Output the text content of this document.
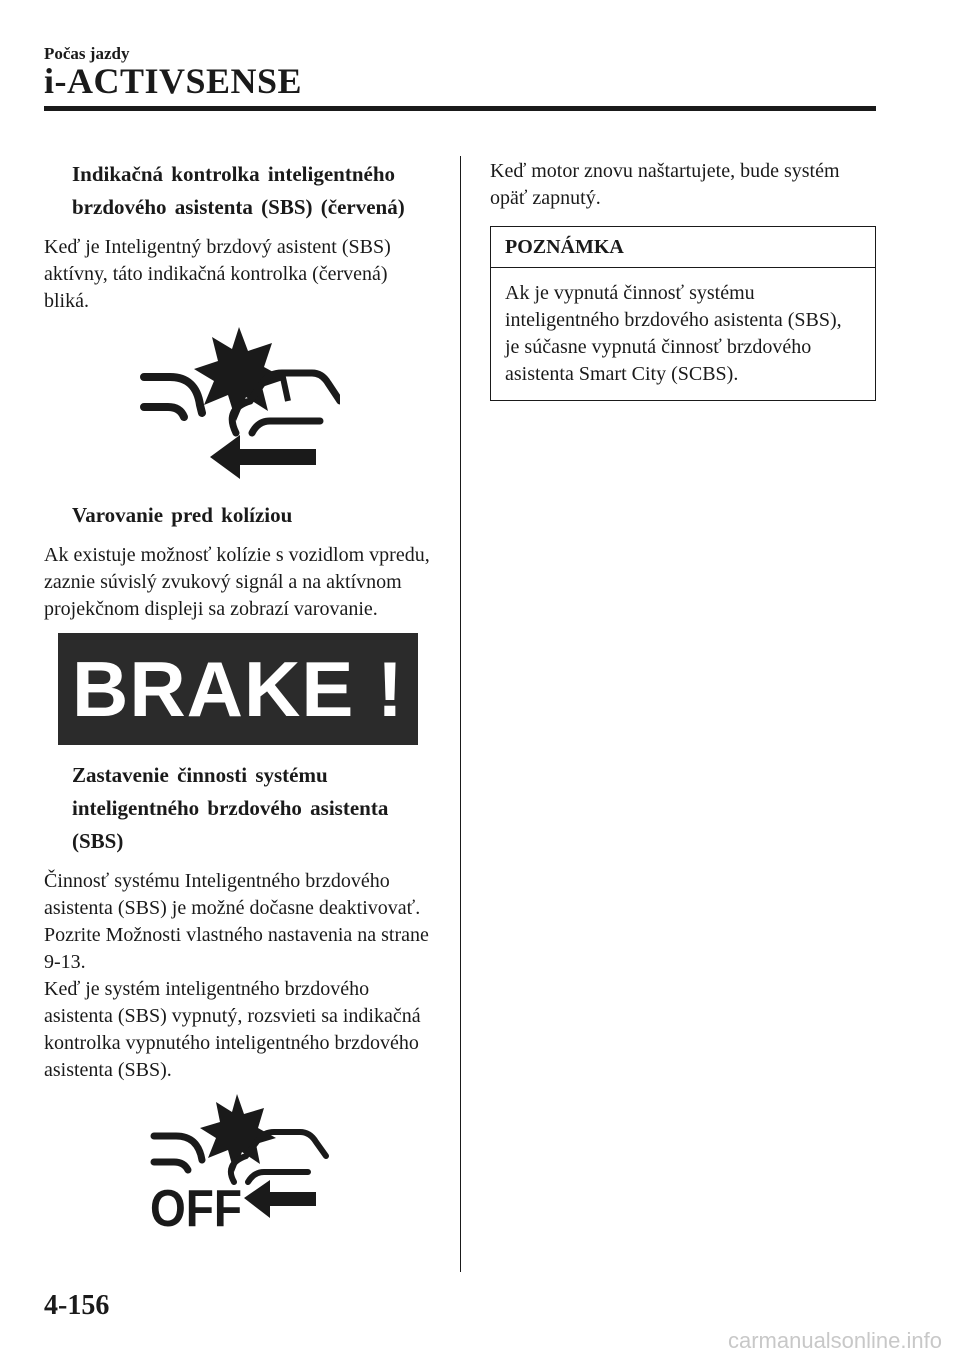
Počas jazdy
i-ACTIVSENSE
Indikačná kontrolka inteligentného
brzdového asistenta (SBS) (červená)

Keď je Inteligentný brzdový asistent (SBS) aktívny, táto indikačná kontrolka (červená) bliká.

Varovanie pred kolíziou

Ak existuje možnosť kolízie s vozidlom vpredu, zaznie súvislý zvukový signál a na aktívnom projekčnom displeji sa zobrazí varovanie.

BRAKE !
Zastavenie činnosti systému
inteligentného brzdového asistenta
(SBS)
Činnosť systému Inteligentného brzdového asistenta (SBS) je možné dočasne deaktivovať.
Pozrite Možnosti vlastného nastavenia na strane 9-13.
Keď je systém inteligentného brzdového asistenta (SBS) vypnutý, rozsvieti sa indikačná kontrolka vypnutého inteligentného brzdového asistenta (SBS).
OFF

Keď motor znovu naštartujete, bude systém opäť zapnutý.

POZNÁMKA
Ak je vypnutá činnosť systému inteligentného brzdového asistenta (SBS), je súčasne vypnutá činnosť brzdového asistenta Smart City (SCBS).
4-156
carmanualsonline.info
